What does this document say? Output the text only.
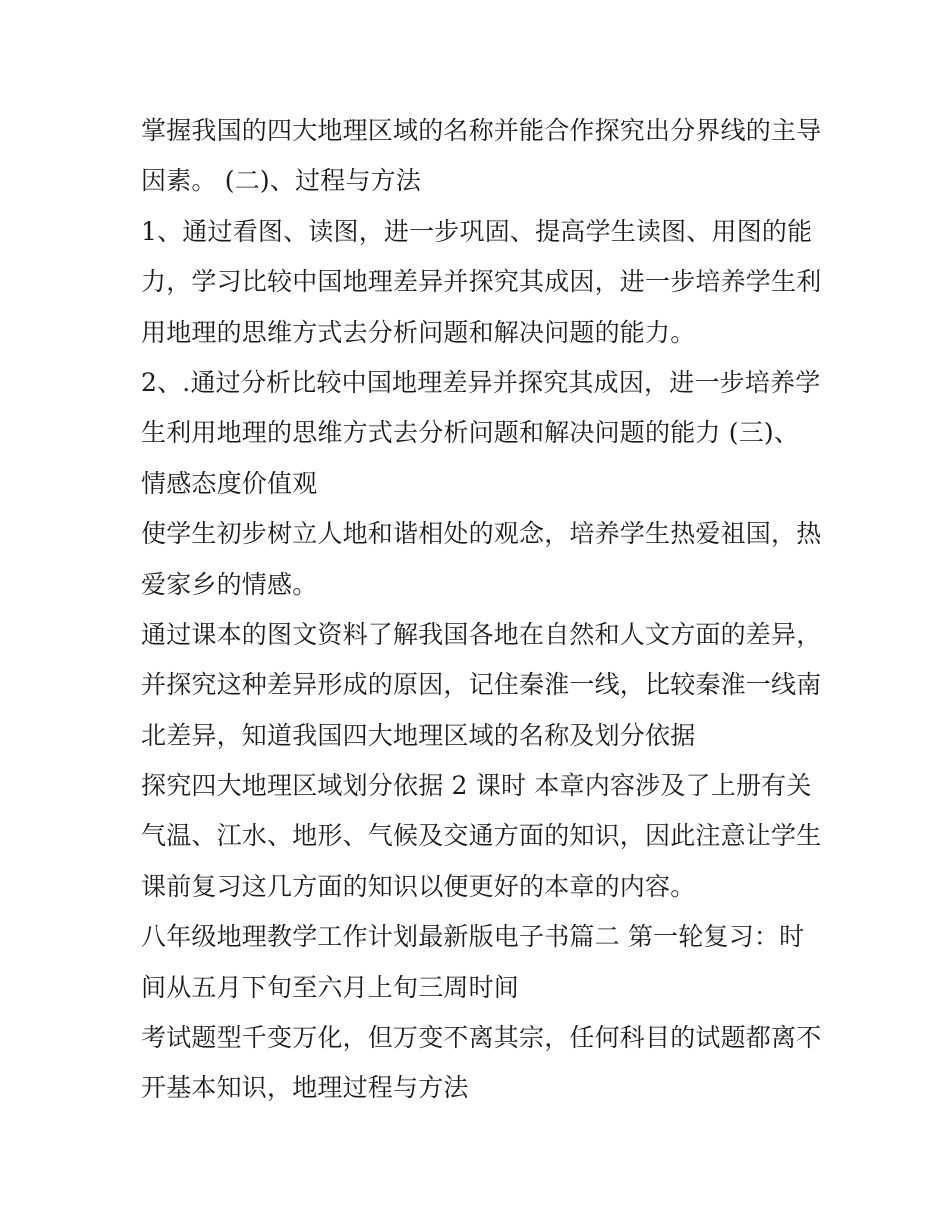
掌握我国的四大地理区域的名称并能合作探究出分界线的主导
因素。 (二)、过程与方法
1、通过看图、读图，进一步巩固、提高学生读图、用图的能
力，学习比较中国地理差异并探究其成因，进一步培养学生利
用地理的思维方式去分析问题和解决问题的能力。
2、.通过分析比较中国地理差异并探究其成因，进一步培养学
生利用地理的思维方式去分析问题和解决问题的能力 (三)、
情感态度价值观
使学生初步树立人地和谐相处的观念，培养学生热爱祖国，热
爱家乡的情感。
通过课本的图文资料了解我国各地在自然和人文方面的差异，
并探究这种差异形成的原因，记住秦淮一线，比较秦淮一线南
北差异，知道我国四大地理区域的名称及划分依据
探究四大地理区域划分依据 2 课时 本章内容涉及了上册有关
气温、江水、地形、气候及交通方面的知识，因此注意让学生
课前复习这几方面的知识以便更好的本章的内容。
八年级地理教学工作计划最新版电子书篇二 第一轮复习：时
间从五月下旬至六月上旬三周时间
考试题型千变万化，但万变不离其宗，任何科目的试题都离不
开基本知识，地理过程与方法
